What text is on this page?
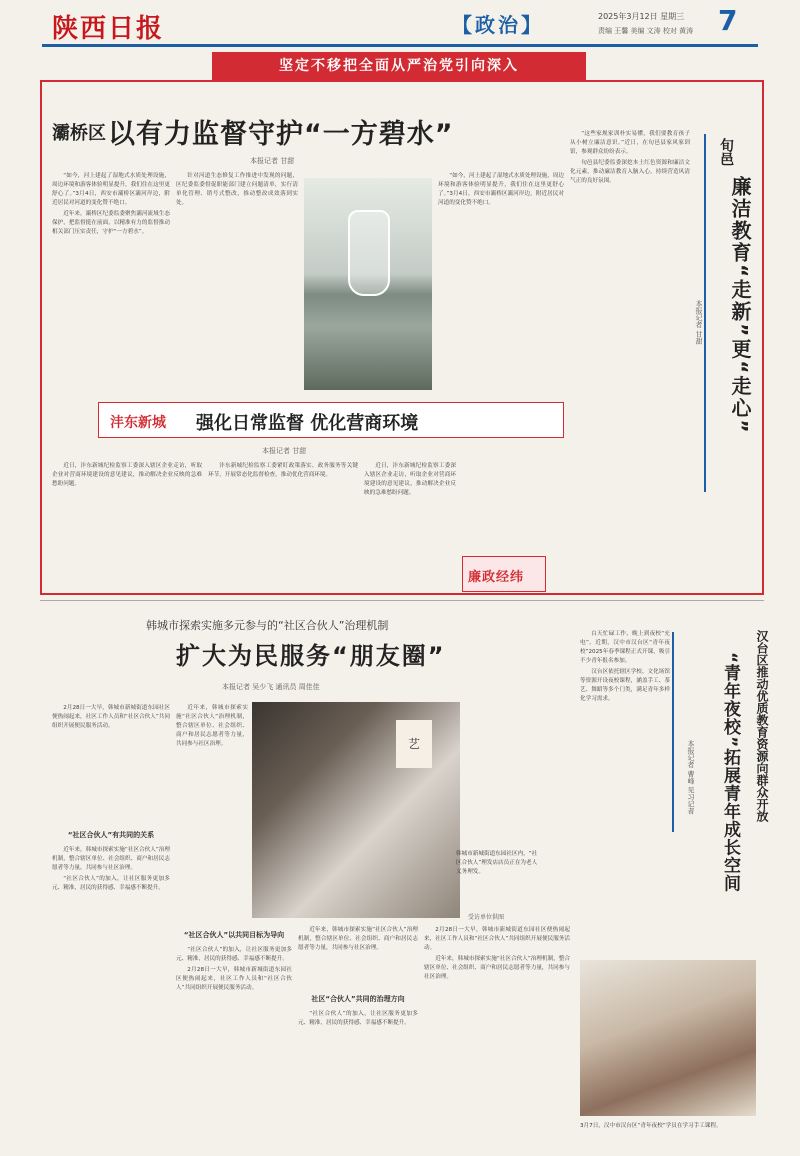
陕西日报	【政治】	2025年3月12日 星期三
责编 王馨 美编 文涛 校对 黄涛 7
坚定不移把全面从严治党引向深入
灞桥区 以有力监督守护“一方碧水”
本报记者 甘甜

“如今，河上建起了湿地式水质处理设施，周边环境和游客体验明显提升，我们住在这里更舒心了。”3月4日，西安市灞桥区灞河岸边，附近居民对河道的变化赞不绝口。

近年来，灞桥区纪委监委聚焦灞河流域生态保护，把监督挺在前面，以精准有力的监督推动相关部门压实责任，守护“一方碧水”。

针对河道生态修复工作推进中发现的问题，区纪委监委督促职能部门建立问题清单，实行清单化管理、销号式整改，推动整改成效落到实处。

“如今，河上建起了湿地式水质处理设施，周边环境和游客体验明显提升，我们住在这里更舒心了。”3月4日，西安市灞桥区灞河岸边，附近居民对河道的变化赞不绝口。

沣东新城 强化日常监督 优化营商环境
本报记者 甘甜

近日，沣东新城纪检监察工委深入辖区企业走访，听取企业对营商环境建设的意见建议，推动解决企业反映的急难愁盼问题。

沣东新城纪检监察工委紧盯政策落实、政务服务等关键环节，开展常态化监督检查，推动优化营商环境。

近日，沣东新城纪检监察工委深入辖区企业走访，听取企业对营商环境建设的意见建议，推动解决企业反映的急难愁盼问题。

廉政经纬

“这些家规家训朴实易懂，我们要教育孩子从小树立廉洁意识。”近日，在旬邑县家风家训馆，参观群众纷纷表示。

旬邑县纪委监委深挖本土红色资源和廉洁文化元素，推动廉洁教育入脑入心，持续营造风清气正的良好氛围。

本报记者 甘甜
旬邑
廉洁教育“走新”更“走心”
韩城市探索实施多元参与的“社区合伙人”治理机制
扩大为民服务“朋友圈”
本报记者 吴少飞 通讯员 周佳佳

2月28日一大早，韩城市新城街道东园社区便热闹起来，社区工作人员和“社区合伙人”共同组织开展便民服务活动。

“社区合伙人”有共同的关系

近年来，韩城市探索实施“社区合伙人”治理机制，整合辖区单位、社会组织、商户和居民志愿者等力量，共同参与社区治理。

“社区合伙人”的加入，让社区服务更加多元、精准，居民的获得感、幸福感不断提升。

近年来，韩城市探索实施“社区合伙人”治理机制，整合辖区单位、社会组织、商户和居民志愿者等力量，共同参与社区治理。	艺
韩城市新城街道东园社区内，“社区合伙人”理发店店员正在为老人义务理发。
受访单位供图
“社区合伙人”以共同目标为导向

“社区合伙人”的加入，让社区服务更加多元、精准，居民的获得感、幸福感不断提升。

2月28日一大早，韩城市新城街道东园社区便热闹起来，社区工作人员和“社区合伙人”共同组织开展便民服务活动。

近年来，韩城市探索实施“社区合伙人”治理机制，整合辖区单位、社会组织、商户和居民志愿者等力量，共同参与社区治理。

社区“合伙人”共同的治理方向

“社区合伙人”的加入，让社区服务更加多元、精准，居民的获得感、幸福感不断提升。

2月28日一大早，韩城市新城街道东园社区便热闹起来，社区工作人员和“社区合伙人”共同组织开展便民服务活动。

近年来，韩城市探索实施“社区合伙人”治理机制，整合辖区单位、社会组织、商户和居民志愿者等力量，共同参与社区治理。

白天忙碌工作，晚上到夜校“充电”。近期，汉中市汉台区“青年夜校”2025年春季课程正式开课，吸引不少青年报名参加。

汉台区依托辖区学校、文化场馆等资源开设夜校课程，涵盖手工、茶艺、舞蹈等多个门类，满足青年多样化学习需求。

本报记者 曹峰 见习记者 “青年夜校”拓展青年成长空间 汉台区推动优质教育资源向群众开放
3月7日，汉中市汉台区“青年夜校”学员在学习手工课程。
